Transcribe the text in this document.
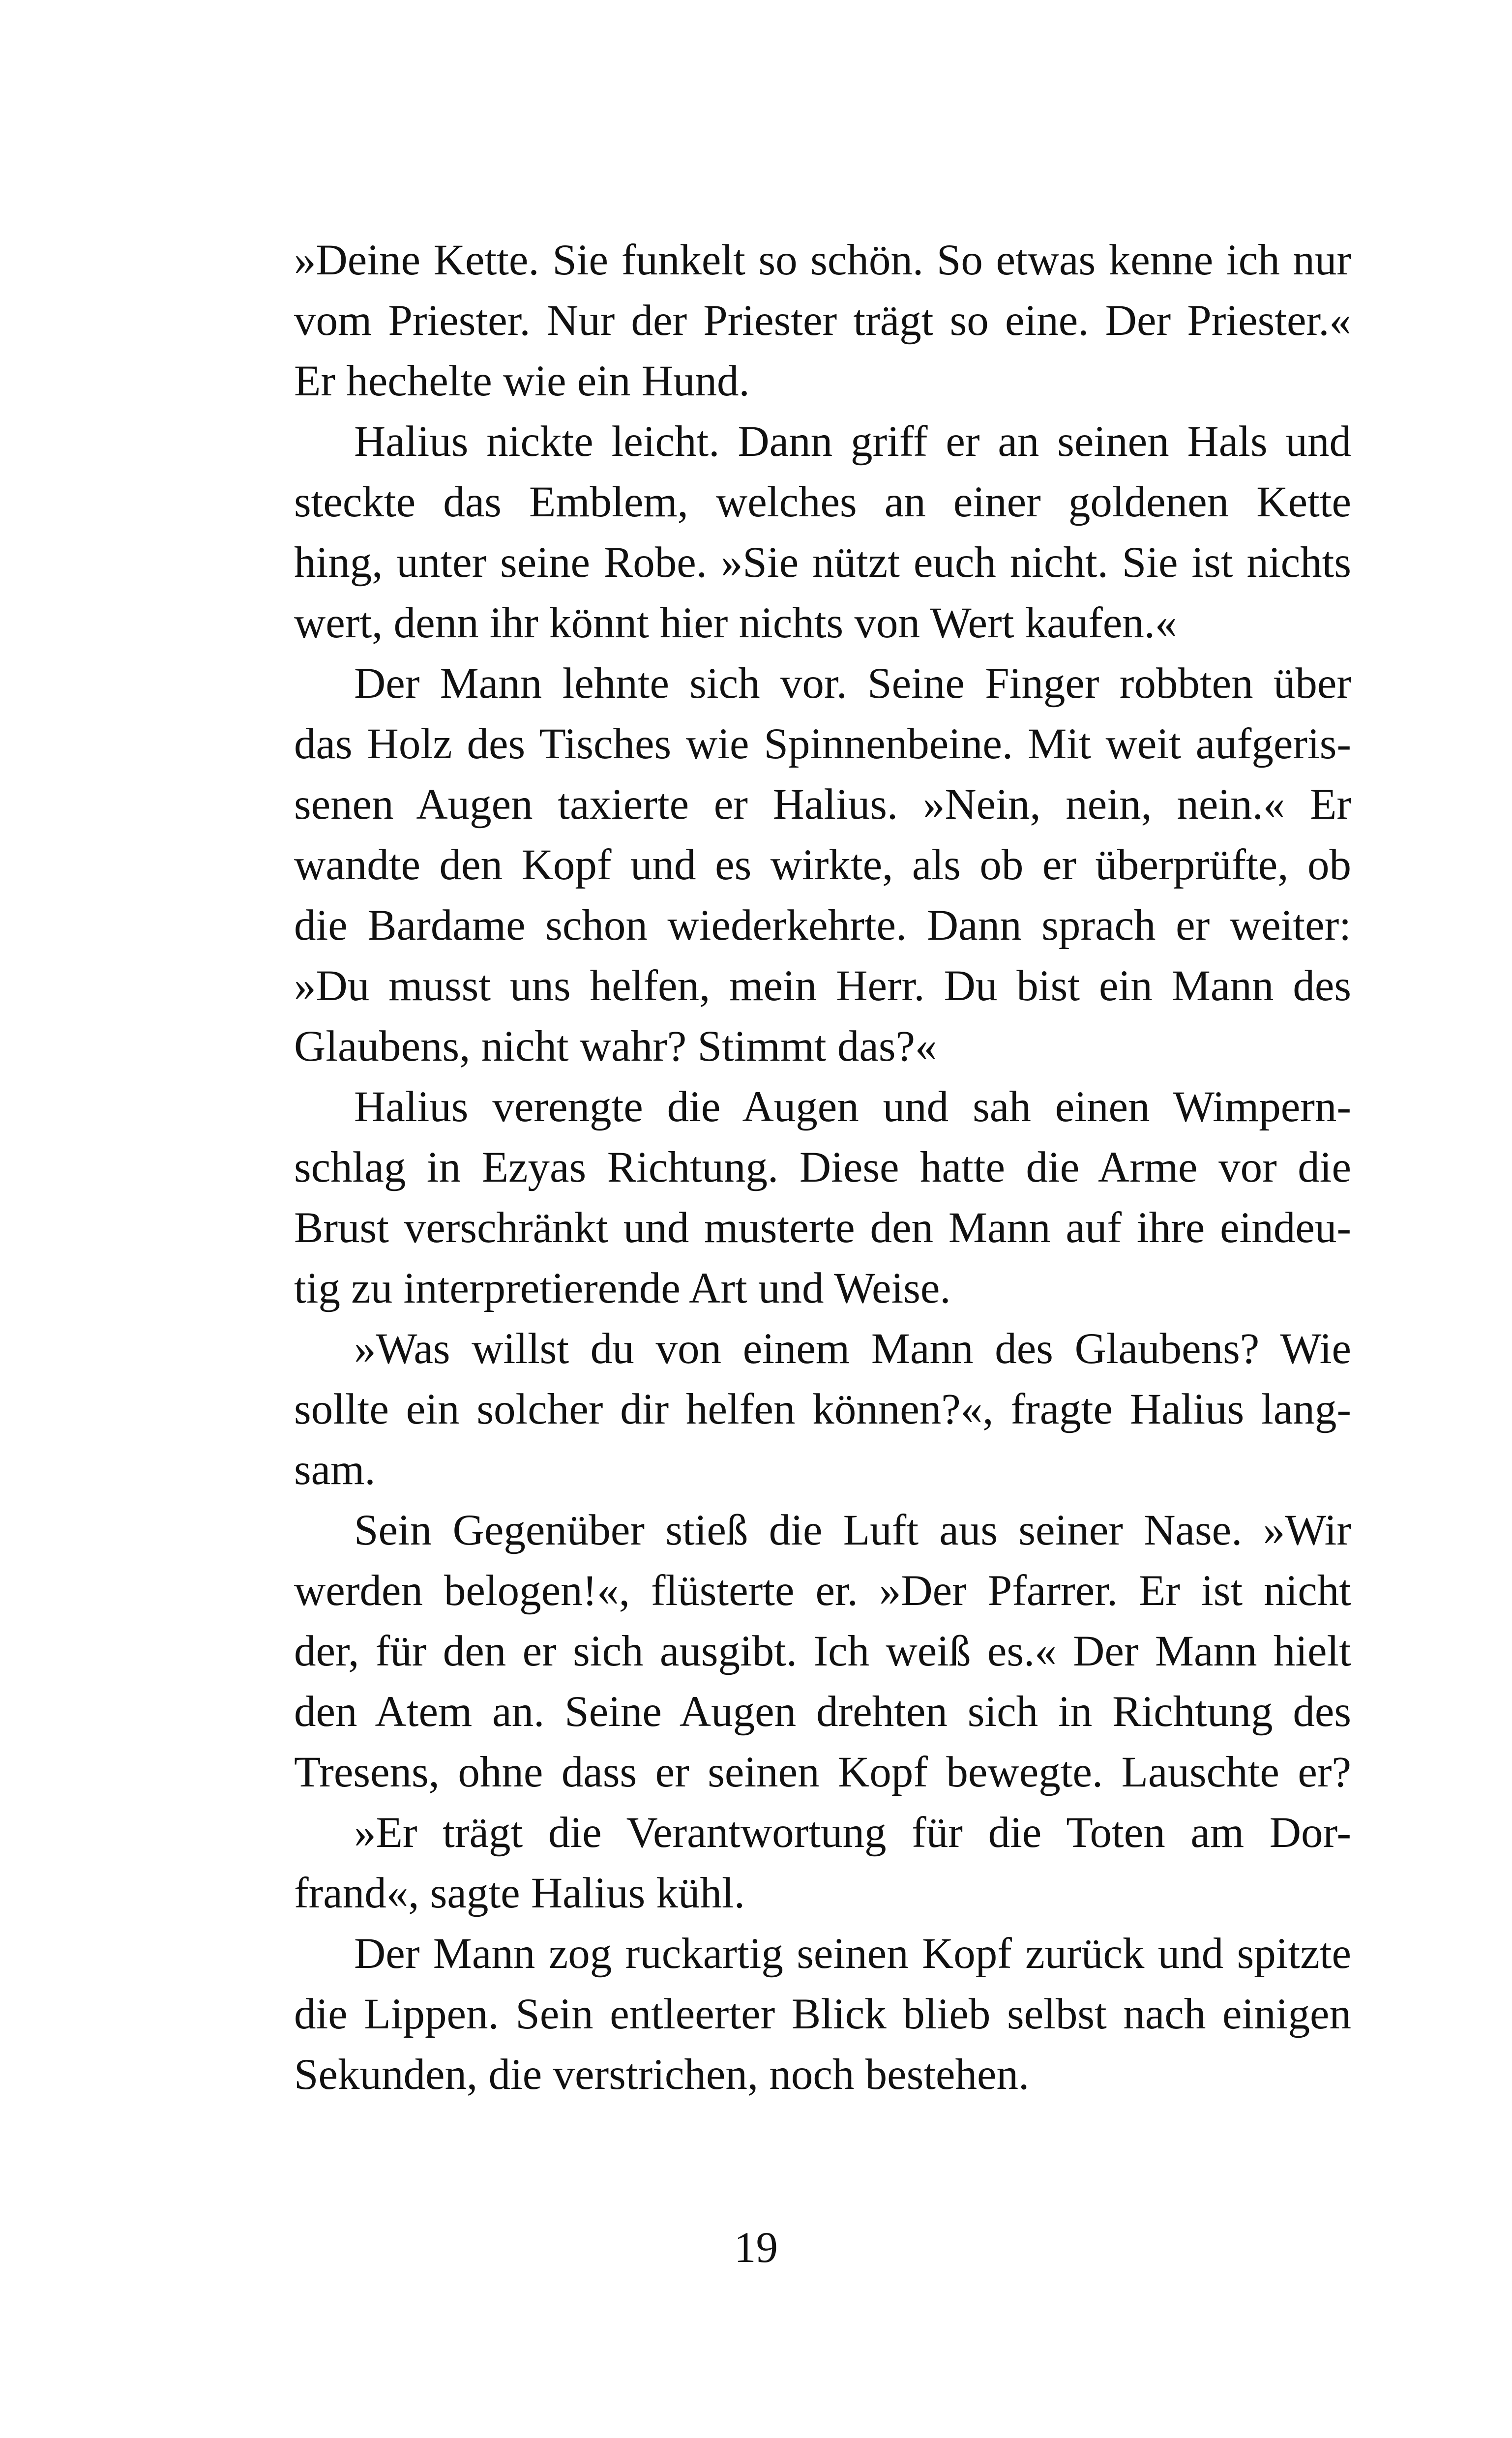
»Deine Kette. Sie funkelt so schön. So etwas kenne ich nur
vom Priester. Nur der Priester trägt so eine. Der Priester.«
Er hechelte wie ein Hund.
Halius nickte leicht. Dann griff er an seinen Hals und
steckte das Emblem, welches an einer goldenen Kette
hing, unter seine Robe. »Sie nützt euch nicht. Sie ist nichts
wert, denn ihr könnt hier nichts von Wert kaufen.«
Der Mann lehnte sich vor. Seine Finger robbten über
das Holz des Tisches wie Spinnenbeine. Mit weit aufgeris-
senen Augen taxierte er Halius. »Nein, nein, nein.« Er
wandte den Kopf und es wirkte, als ob er überprüfte, ob
die Bardame schon wiederkehrte. Dann sprach er weiter:
»Du musst uns helfen, mein Herr. Du bist ein Mann des
Glaubens, nicht wahr? Stimmt das?«
Halius verengte die Augen und sah einen Wimpern-
schlag in Ezyas Richtung. Diese hatte die Arme vor die
Brust verschränkt und musterte den Mann auf ihre eindeu-
tig zu interpretierende Art und Weise.
»Was willst du von einem Mann des Glaubens? Wie
sollte ein solcher dir helfen können?«, fragte Halius lang-
sam.
Sein Gegenüber stieß die Luft aus seiner Nase. »Wir
werden belogen!«, flüsterte er. »Der Pfarrer. Er ist nicht
der, für den er sich ausgibt. Ich weiß es.« Der Mann hielt
den Atem an. Seine Augen drehten sich in Richtung des
Tresens, ohne dass er seinen Kopf bewegte. Lauschte er?
»Er trägt die Verantwortung für die Toten am Dor-
frand«, sagte Halius kühl.
Der Mann zog ruckartig seinen Kopf zurück und spitzte
die Lippen. Sein entleerter Blick blieb selbst nach einigen
Sekunden, die verstrichen, noch bestehen.
19
